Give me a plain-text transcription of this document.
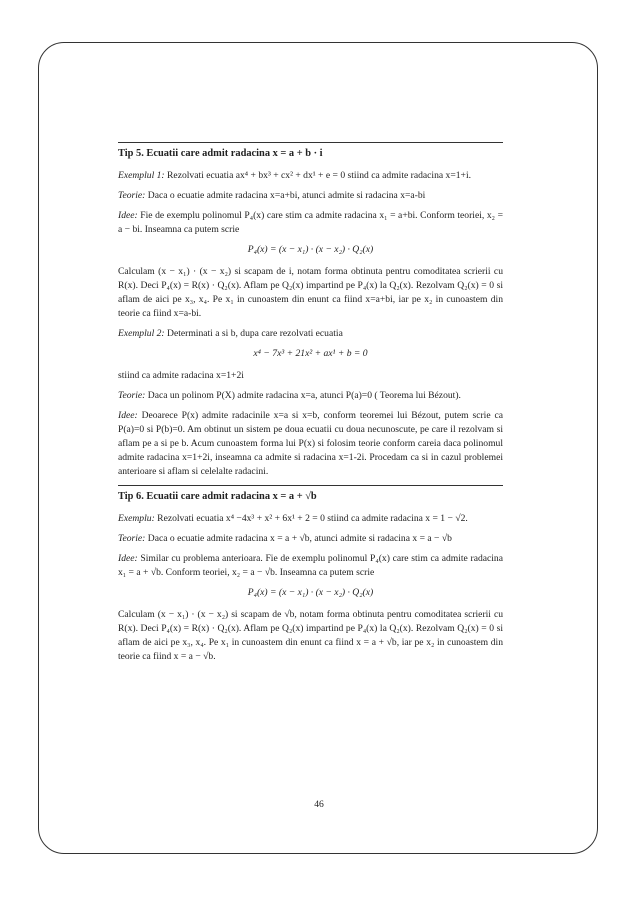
Tip 5. Ecuatii care admit radacina x = a + b · i

Exemplul 1: Rezolvati ecuatia ax⁴ + bx³ + cx² + dx¹ + e = 0 stiind ca admite radacina x=1+i.

Teorie: Daca o ecuatie admite radacina x=a+bi, atunci admite si radacina x=a-bi

Idee: Fie de exemplu polinomul P₄(x) care stim ca admite radacina x₁ = a+bi. Conform teoriei, x₂ = a − bi. Inseamna ca putem scrie

P₄(x) = (x − x₁) · (x − x₂) · Q₂(x)

Calculam (x − x₁) · (x − x₂) si scapam de i, notam forma obtinuta pentru comoditatea scrierii cu R(x). Deci P₄(x) = R(x) · Q₂(x). Aflam pe Q₂(x) impartind pe P₄(x) la Q₂(x). Rezolvam Q₂(x) = 0 si aflam de aici pe x₃, x₄. Pe x₁ in cunoastem din enunt ca fiind x=a+bi, iar pe x₂ in cunoastem din teorie ca fiind x=a-bi.

Exemplul 2: Determinati a si b, dupa care rezolvati ecuatia

x⁴ − 7x³ + 21x² + ax¹ + b = 0

stiind ca admite radacina x=1+2i

Teorie: Daca un polinom P(X) admite radacina x=a, atunci P(a)=0 ( Teorema lui Bézout).

Idee: Deoarece P(x) admite radacinile x=a si x=b, conform teoremei lui Bézout, putem scrie ca P(a)=0 si P(b)=0. Am obtinut un sistem pe doua ecuatii cu doua necunoscute, pe care il rezolvam si aflam pe a si pe b. Acum cunoastem forma lui P(x) si folosim teorie conform careia daca polinomul admite radacina x=1+2i, inseamna ca admite si radacina x=1-2i. Procedam ca si in cazul problemei anterioare si aflam si celelalte radacini.

Tip 6. Ecuatii care admit radacina x = a + √b

Exemplu: Rezolvati ecuatia x⁴ −4x³ + x² + 6x¹ + 2 = 0 stiind ca admite radacina x = 1 − √2.

Teorie: Daca o ecuatie admite radacina x = a + √b, atunci admite si radacina x = a − √b

Idee: Similar cu problema anterioara. Fie de exemplu polinomul P₄(x) care stim ca admite radacina x₁ = a + √b. Conform teoriei, x₂ = a − √b. Inseamna ca putem scrie

P₄(x) = (x − x₁) · (x − x₂) · Q₂(x)

Calculam (x − x₁) · (x − x₂) si scapam de √b, notam forma obtinuta pentru comoditatea scrierii cu R(x). Deci P₄(x) = R(x) · Q₂(x). Aflam pe Q₂(x) impartind pe P₄(x) la Q₂(x). Rezolvam Q₂(x) = 0 si aflam de aici pe x₃, x₄. Pe x₁ in cunoastem din enunt ca fiind x = a + √b, iar pe x₂ in cunoastem din teorie ca fiind x = a − √b.

46
